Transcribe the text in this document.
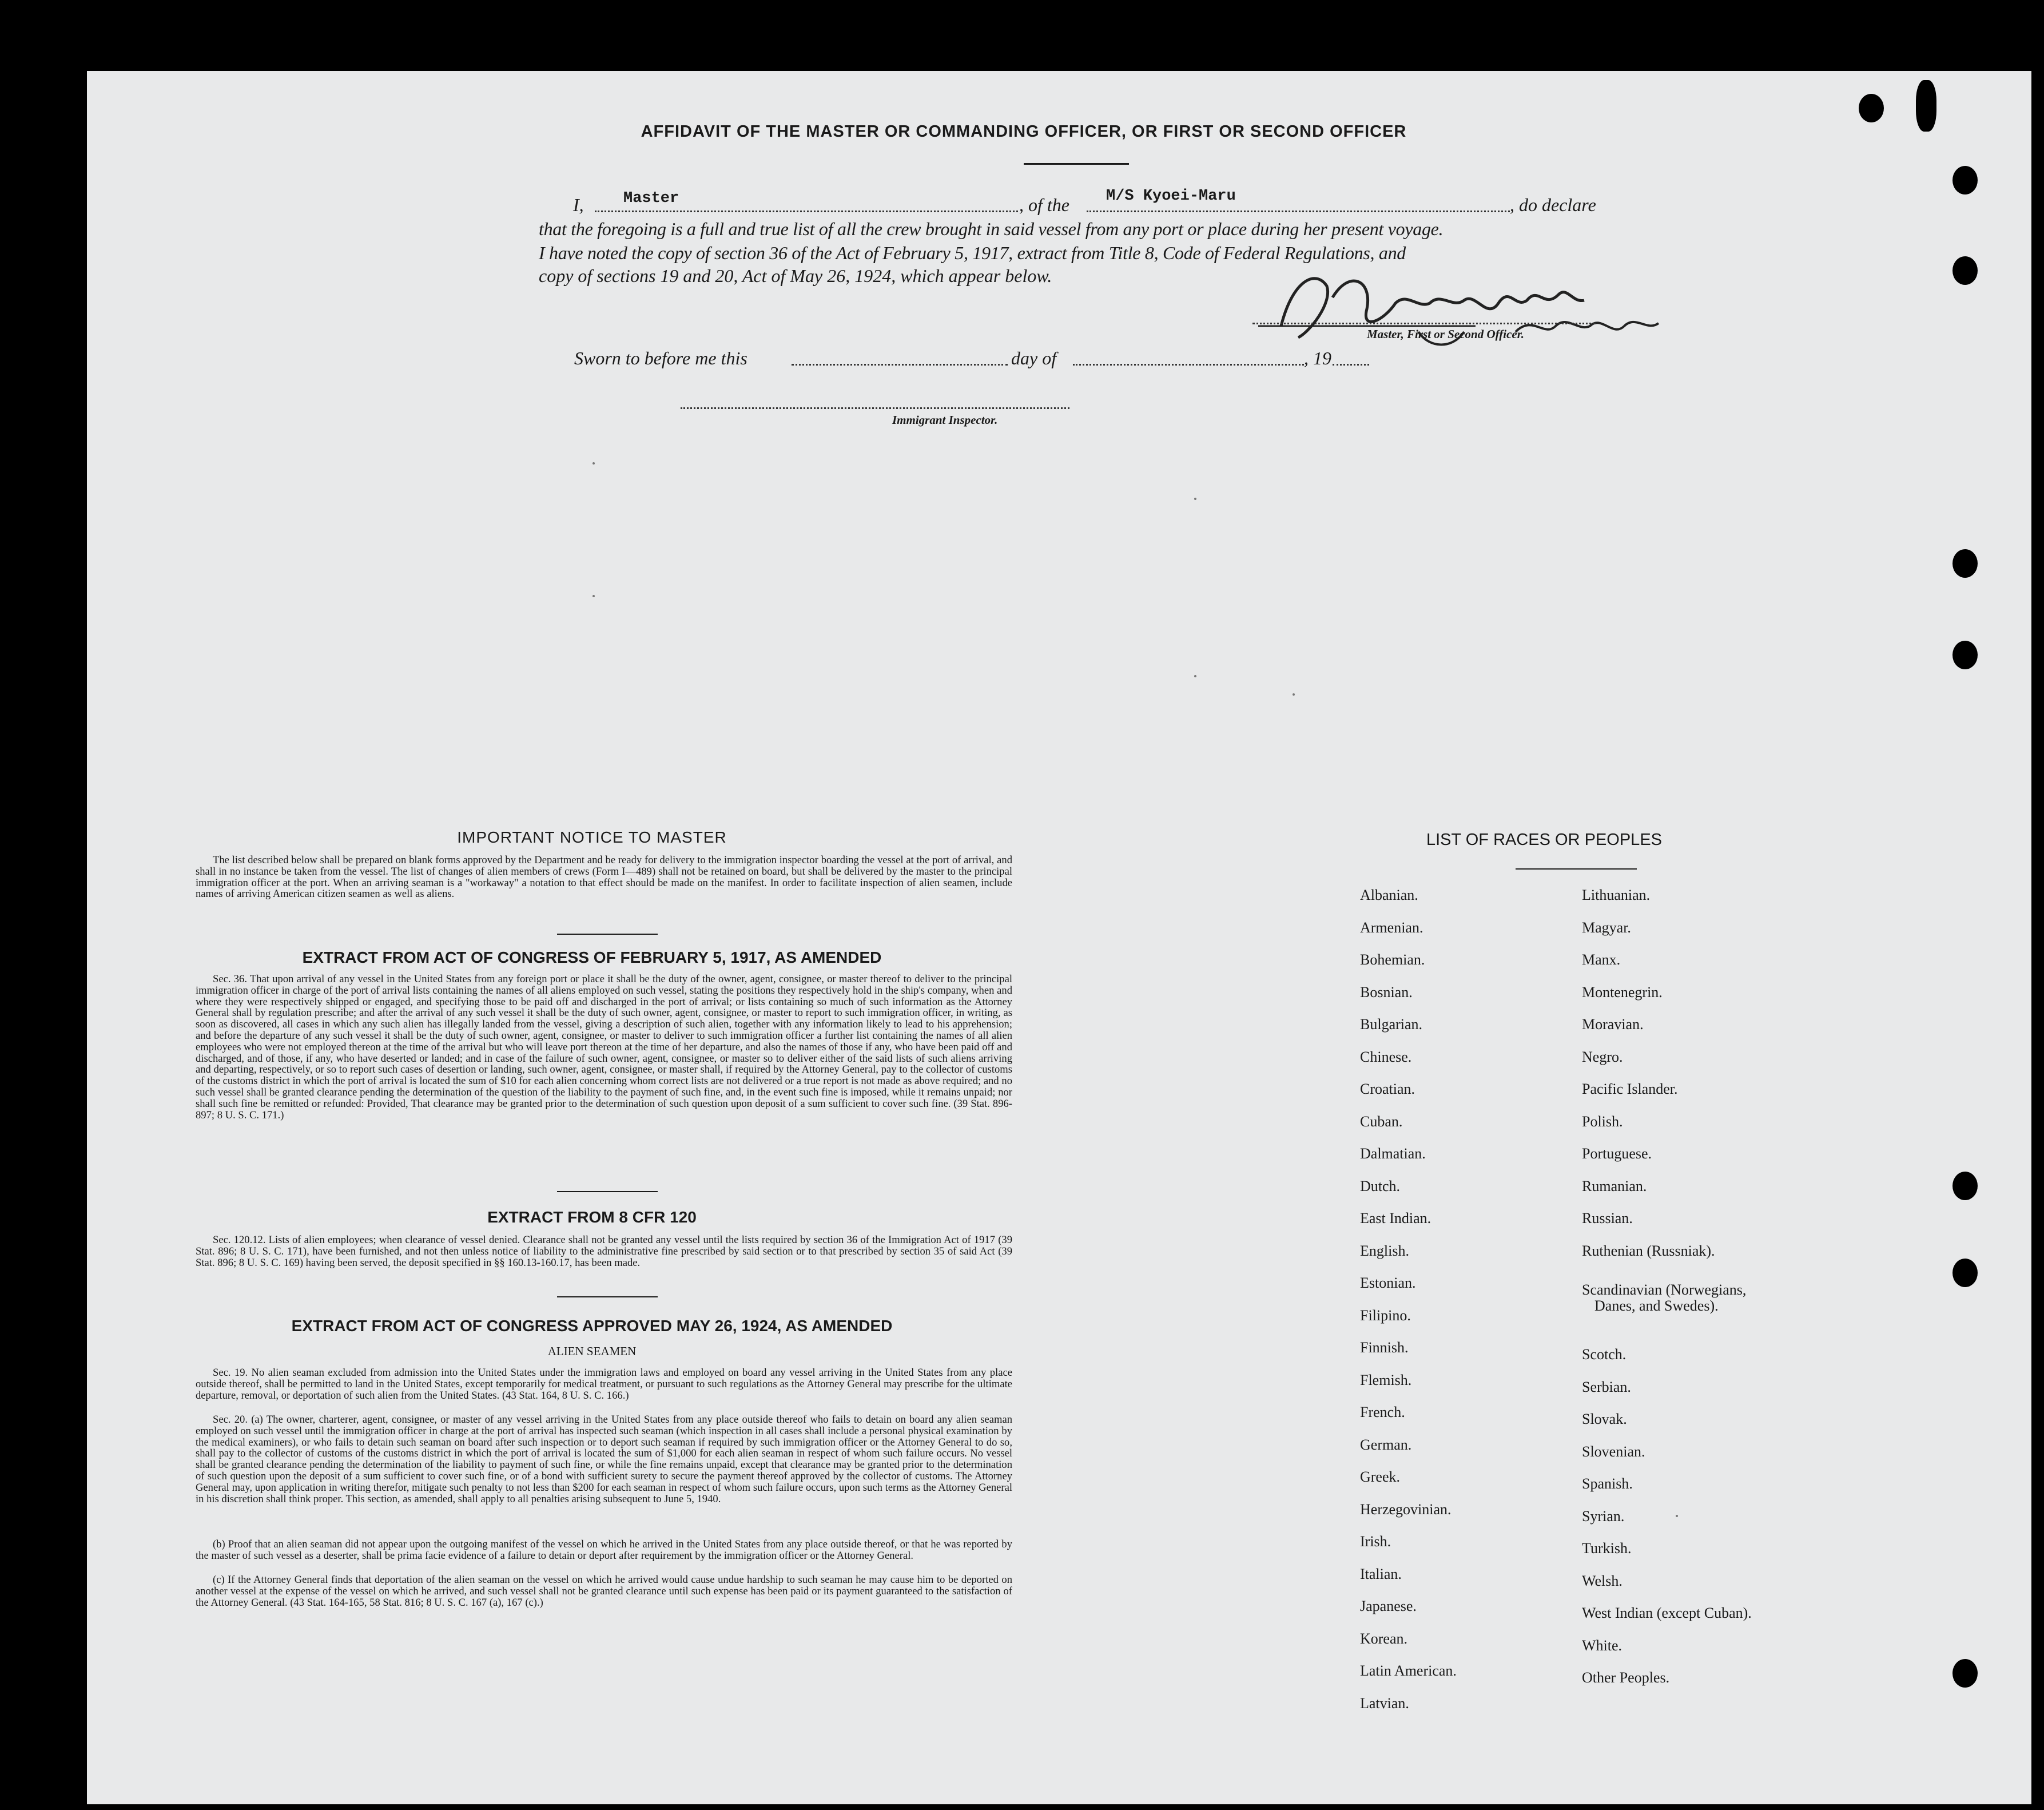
AFFIDAVIT OF THE MASTER OR COMMANDING OFFICER, OR FIRST OR SECOND OFFICER
I,	Master	, of the M/S Kyoei-Maru	, do declare
that the foregoing is a full and true list of all the crew brought in said vessel from any port or place during her present voyage.
I have noted the copy of section 36 of the Act of February 5, 1917, extract from Title 8, Code of Federal Regulations, and
copy of sections 19 and 20, Act of May 26, 1924, which appear below.
Master, First or Second Officer.
Sworn to before me this	day of	, 19
Immigrant Inspector.
IMPORTANT NOTICE TO MASTER
The list described below shall be prepared on blank forms approved by the Department and be ready for delivery to the immigration inspector boarding the vessel at the port of arrival, and shall in no instance be taken from the vessel. The list of changes of alien members of crews (Form I—489) shall not be retained on board, but shall be delivered by the master to the principal immigration officer at the port. When an arriving seaman is a "workaway" a notation to that effect should be made on the manifest. In order to facilitate inspection of alien seamen, include names of arriving American citizen seamen as well as aliens.
EXTRACT FROM ACT OF CONGRESS OF FEBRUARY 5, 1917, AS AMENDED
Sec. 36. That upon arrival of any vessel in the United States from any foreign port or place it shall be the duty of the owner, agent, consignee, or master thereof to deliver to the principal immigration officer in charge of the port of arrival lists containing the names of all aliens employed on such vessel, stating the positions they respectively hold in the ship's company, when and where they were respectively shipped or engaged, and specifying those to be paid off and discharged in the port of arrival; or lists containing so much of such information as the Attorney General shall by regulation prescribe; and after the arrival of any such vessel it shall be the duty of such owner, agent, consignee, or master to report to such immigration officer, in writing, as soon as discovered, all cases in which any such alien has illegally landed from the vessel, giving a description of such alien, together with any information likely to lead to his apprehension; and before the departure of any such vessel it shall be the duty of such owner, agent, consignee, or master to deliver to such immigration officer a further list containing the names of all alien employees who were not employed thereon at the time of the arrival but who will leave port thereon at the time of her departure, and also the names of those if any, who have been paid off and discharged, and of those, if any, who have deserted or landed; and in case of the failure of such owner, agent, consignee, or master so to deliver either of the said lists of such aliens arriving and departing, respectively, or so to report such cases of desertion or landing, such owner, agent, consignee, or master shall, if required by the Attorney General, pay to the collector of customs of the customs district in which the port of arrival is located the sum of $10 for each alien concerning whom correct lists are not delivered or a true report is not made as above required; and no such vessel shall be granted clearance pending the determination of the question of the liability to the payment of such fine, and, in the event such fine is imposed, while it remains unpaid; nor shall such fine be remitted or refunded: Provided, That clearance may be granted prior to the determination of such question upon deposit of a sum sufficient to cover such fine. (39 Stat. 896-897; 8 U. S. C. 171.)
EXTRACT FROM 8 CFR 120
Sec. 120.12. Lists of alien employees; when clearance of vessel denied. Clearance shall not be granted any vessel until the lists required by section 36 of the Immigration Act of 1917 (39 Stat. 896; 8 U. S. C. 171), have been furnished, and not then unless notice of liability to the administrative fine prescribed by said section or to that prescribed by section 35 of said Act (39 Stat. 896; 8 U. S. C. 169) having been served, the deposit specified in §§ 160.13-160.17, has been made.
EXTRACT FROM ACT OF CONGRESS APPROVED MAY 26, 1924, AS AMENDED
ALIEN SEAMEN
Sec. 19. No alien seaman excluded from admission into the United States under the immigration laws and employed on board any vessel arriving in the United States from any place outside thereof, shall be permitted to land in the United States, except temporarily for medical treatment, or pursuant to such regulations as the Attorney General may prescribe for the ultimate departure, removal, or deportation of such alien from the United States. (43 Stat. 164, 8 U. S. C. 166.)
Sec. 20. (a) The owner, charterer, agent, consignee, or master of any vessel arriving in the United States from any place outside thereof who fails to detain on board any alien seaman employed on such vessel until the immigration officer in charge at the port of arrival has inspected such seaman (which inspection in all cases shall include a personal physical examination by the medical examiners), or who fails to detain such seaman on board after such inspection or to deport such seaman if required by such immigration officer or the Attorney General to do so, shall pay to the collector of customs of the customs district in which the port of arrival is located the sum of $1,000 for each alien seaman in respect of whom such failure occurs. No vessel shall be granted clearance pending the determination of the liability to payment of such fine, or while the fine remains unpaid, except that clearance may be granted prior to the determination of such question upon the deposit of a sum sufficient to cover such fine, or of a bond with sufficient surety to secure the payment thereof approved by the collector of customs. The Attorney General may, upon application in writing therefor, mitigate such penalty to not less than $200 for each seaman in respect of whom such failure occurs, upon such terms as the Attorney General in his discretion shall think proper. This section, as amended, shall apply to all penalties arising subsequent to June 5, 1940.
(b) Proof that an alien seaman did not appear upon the outgoing manifest of the vessel on which he arrived in the United States from any place outside thereof, or that he was reported by the master of such vessel as a deserter, shall be prima facie evidence of a failure to detain or deport after requirement by the immigration officer or the Attorney General.
(c) If the Attorney General finds that deportation of the alien seaman on the vessel on which he arrived would cause undue hardship to such seaman he may cause him to be deported on another vessel at the expense of the vessel on which he arrived, and such vessel shall not be granted clearance until such expense has been paid or its payment guaranteed to the satisfaction of the Attorney General. (43 Stat. 164-165, 58 Stat. 816; 8 U. S. C. 167 (a), 167 (c).)
LIST OF RACES OR PEOPLES
Albanian.
Armenian.
Bohemian.
Bosnian.
Bulgarian.
Chinese.
Croatian.
Cuban.
Dalmatian.
Dutch.
East Indian.
English.
Estonian.
Filipino.
Finnish.
Flemish.
French.
German.
Greek.
Herzegovinian.
Irish.
Italian.
Japanese.
Korean.
Latin American.
Latvian.
Lithuanian.
Magyar.
Manx.
Montenegrin.
Moravian.
Negro.
Pacific Islander.
Polish.
Portuguese.
Rumanian.
Russian.
Ruthenian (Russniak).
Scandinavian (Norwegians,
Danes, and Swedes).
Scotch.
Serbian.
Slovak.
Slovenian.
Spanish.
Syrian.
Turkish.
Welsh.
West Indian (except Cuban).
White.
Other Peoples.
